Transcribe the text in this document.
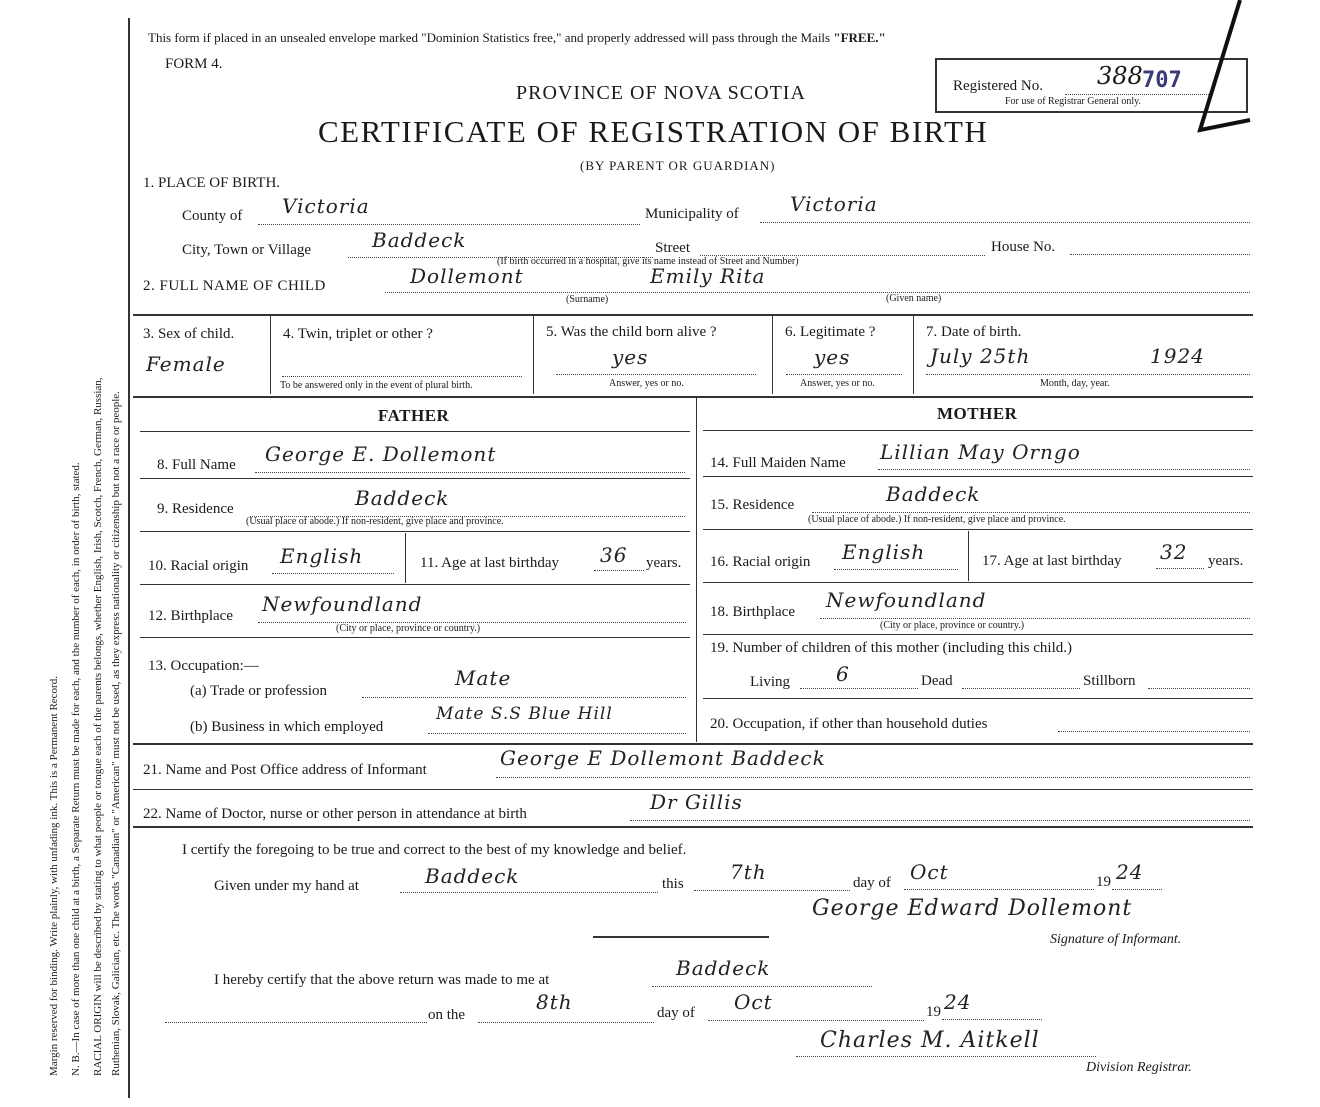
Margin reserved for binding. Write plainly, with unfading ink. This is a Permanent Record. N. B.—In case of more than one child at a birth, a Separate Return must be made for each, and the number of each, in order of birth, stated. RACIAL ORIGIN will be described by stating to what people or tongue each of the parents belongs, whether English, Irish, Scotch, French, German, Russian, Ruthenian, Slovak, Galician, etc. The words "Canadian" or "American" must not be used, as they express nationality or citizenship but not a race or people.
This form if placed in an unsealed envelope marked "Dominion Statistics free," and properly addressed will pass through the Mails "FREE."
FORM 4.
PROVINCE OF NOVA SCOTIA
CERTIFICATE OF REGISTRATION OF BIRTH
(BY PARENT OR GUARDIAN)
Registered No. 388 707
For use of Registrar General only.
1. PLACE OF BIRTH.
County of Victoria	Municipality of	Victoria
City, Town or Village	Baddeck	Street
(If birth occurred in a hospital, give its name instead of Street and Number)
House No.
2. FULL NAME OF CHILD	Dollemont	Emily Rita
(Surname)	(Given name)
3. Sex of child.
Female
4. Twin, triplet or other ?
To be answered only in the event of plural birth.
5. Was the child born alive ?
yes
Answer, yes or no.
6. Legitimate ?
yes
Answer, yes or no.
7. Date of birth.
July 25th	1924
Month, day, year.
FATHER	MOTHER
8. Full Name George E. Dollemont
9. Residence	Baddeck
(Usual place of abode.) If non-resident, give place and province.
10. Racial origin English	11. Age at last birthday 36 years.
12. Birthplace Newfoundland
(City or place, province or country.)
13. Occupation:—
(a) Trade or profession
Mate
(b) Business in which employed
Mate S.S Blue Hill
14. Full Maiden Name Lillian May Orngo
15. Residence	Baddeck
(Usual place of abode.) If non-resident, give place and province.
16. Racial origin English	17. Age at last birthday 32 years.
18. Birthplace Newfoundland
(City or place, province or country.)
19. Number of children of this mother (including this child.)
Living 6	Dead	Stillborn
20. Occupation, if other than household duties
21. Name and Post Office address of Informant	George E Dollemont Baddeck
22. Name of Doctor, nurse or other person in attendance at birth	Dr Gillis
I certify the foregoing to be true and correct to the best of my knowledge and belief.
Given under my hand at	Baddeck	this 7th	day of Oct	19 24
George Edward Dollemont
Signature of Informant.
I hereby certify that the above return was made to me at	Baddeck
on the
8th	day of Oct	19 24
Charles M. Aitkell
Division Registrar.
